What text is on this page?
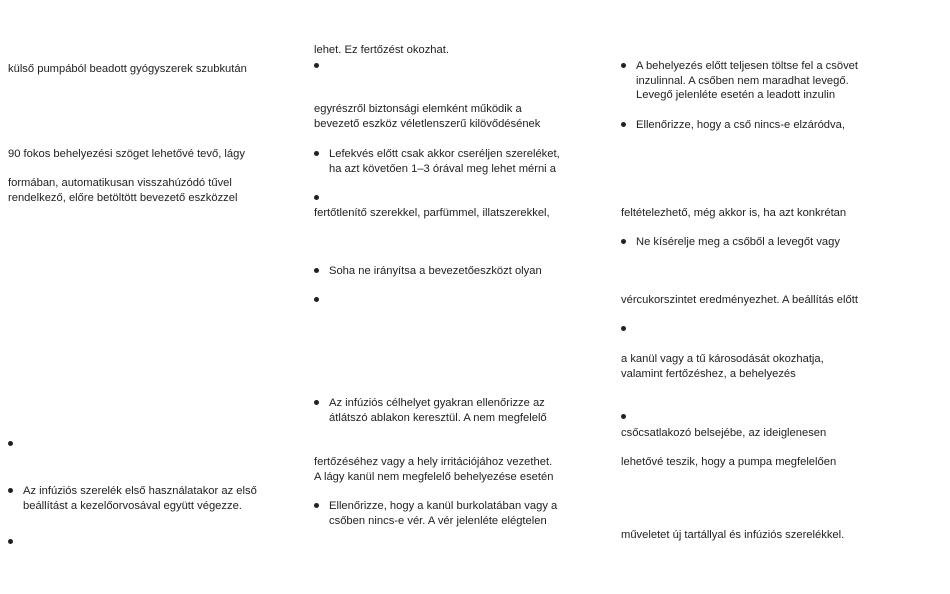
külső pumpából beadott gyógyszerek szubkután
90 fokos behelyezési szöget lehetővé tevő, lágy
formában, automatikusan visszahúzódó tűvel
rendelkező, előre betöltött bevezető eszközzel
Az infúziós szerelék első használatakor az első
beállítást a kezelőorvosával együtt végezze.
lehet. Ez fertőzést okozhat.
egyrészről biztonsági elemként működik a
bevezető eszköz véletlenszerű kilövődésének
Lefekvés előtt csak akkor cseréljen szereléket,
ha azt követően 1–3 órával meg lehet mérni a
fertőtlenítő szerekkel, parfümmel, illatszerekkel,
Soha ne irányítsa a bevezetőeszközt olyan
Az infúziós célhelyet gyakran ellenőrizze az
átlátszó ablakon keresztül. A nem megfelelő
fertőzéséhez vagy a hely irritációjához vezethet.
A lágy kanül nem megfelelő behelyezése esetén
Ellenőrizze, hogy a kanül burkolatában vagy a
csőben nincs-e vér. A vér jelenléte elégtelen
A behelyezés előtt teljesen töltse fel a csövet
inzulinnal. A csőben nem maradhat levegő.
Levegő jelenléte esetén a leadott inzulin
Ellenőrizze, hogy a cső nincs-e elzáródva,
feltételezhető, még akkor is, ha azt konkrétan
Ne kísérelje meg a csőből a levegőt vagy
vércukorszintet eredményezhet. A beállítás előtt
a kanül vagy a tű károsodását okozhatja,
valamint fertőzéshez, a behelyezés
csőcsatlakozó belsejébe, az ideiglenesen
lehetővé teszik, hogy a pumpa megfelelően
műveletet új tartállyal és infúziós szerelékkel.
